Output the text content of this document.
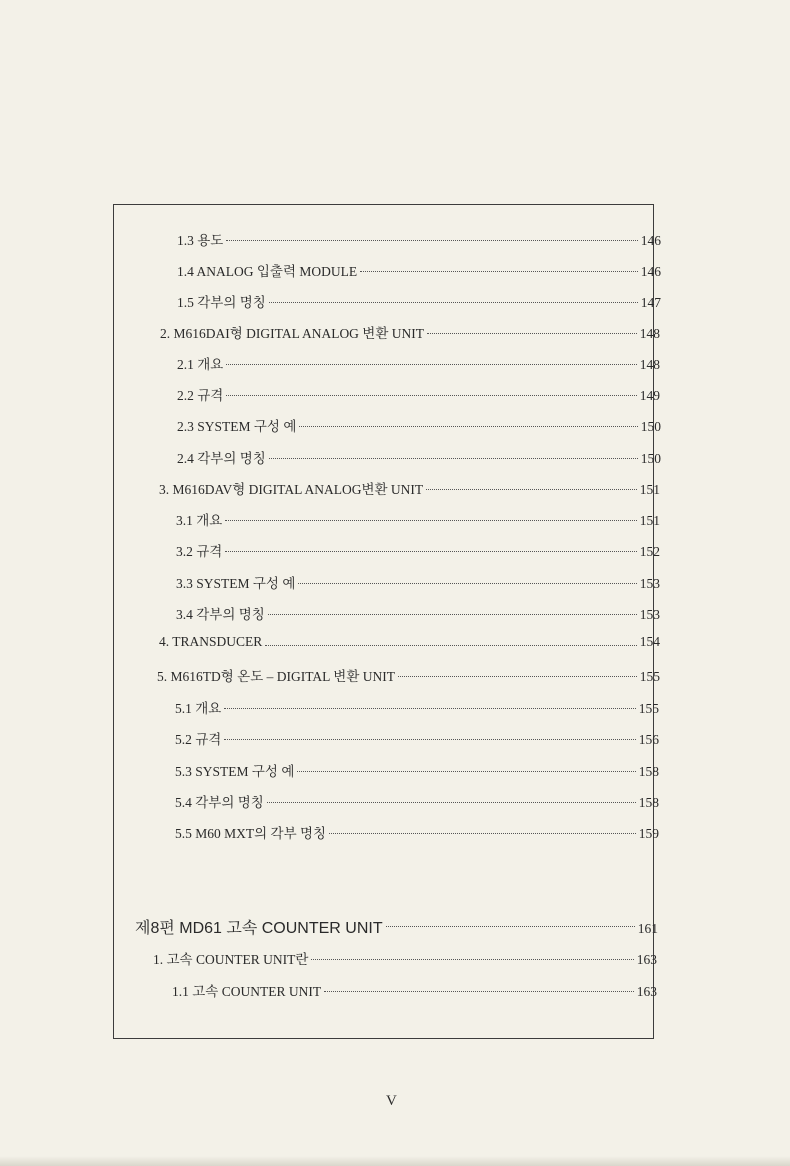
1.3 용도	146
1.4 ANALOG 입출력 MODULE	146
1.5 각부의 명칭	147
2. M616DAI형 DIGITAL ANALOG 변환 UNIT	148
2.1 개요	148
2.2 규격	149
2.3 SYSTEM 구성 예	150
2.4 각부의 명칭	150
3. M616DAV형 DIGITAL ANALOG변환 UNIT	151
3.1 개요	151
3.2 규격	152
3.3 SYSTEM 구성 예	153
3.4 각부의 명칭	153
4. TRANSDUCER	154
5. M616TD형 온도 – DIGITAL 변환 UNIT	155
5.1 개요	155
5.2 규격	156
5.3 SYSTEM 구성 예	158
5.4 각부의 명칭	158
5.5 M60 MXT의 각부 명칭	159
제8편 MD61 고속 COUNTER UNIT	161
1. 고속 COUNTER UNIT란	163
1.1 고속 COUNTER UNIT	163
V
